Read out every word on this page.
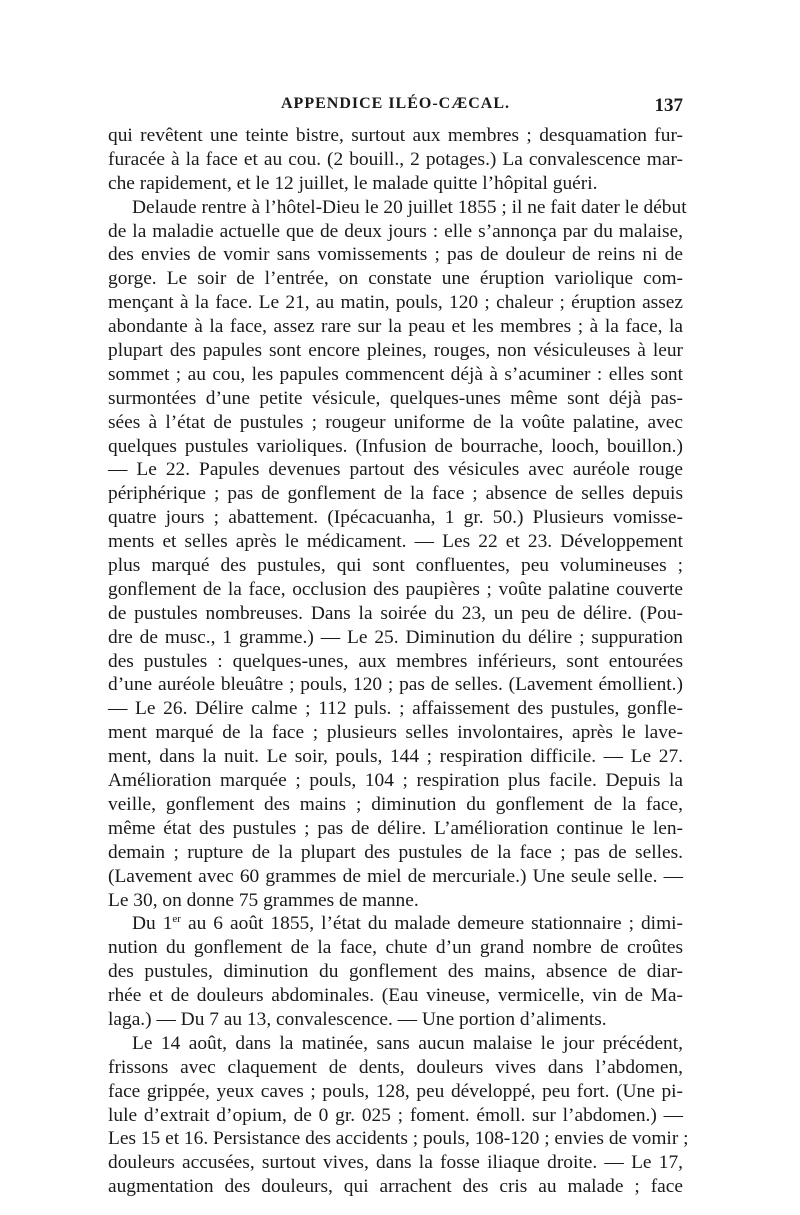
APPENDICE ILÉO-CÆCAL.	137
qui revêtent une teinte bistre, surtout aux membres ; desquamation fur-
furacée à la face et au cou. (2 bouill., 2 potages.) La convalescence mar-
che rapidement, et le 12 juillet, le malade quitte l’hôpital guéri.
Delaude rentre à l’hôtel-Dieu le 20 juillet 1855 ; il ne fait dater le début
de la maladie actuelle que de deux jours : elle s’annonça par du malaise,
des envies de vomir sans vomissements ; pas de douleur de reins ni de
gorge. Le soir de l’entrée, on constate une éruption variolique com-
mençant à la face. Le 21, au matin, pouls, 120 ; chaleur ; éruption assez
abondante à la face, assez rare sur la peau et les membres ; à la face, la
plupart des papules sont encore pleines, rouges, non vésiculeuses à leur
sommet ; au cou, les papules commencent déjà à s’acuminer : elles sont
surmontées d’une petite vésicule, quelques-unes même sont déjà pas-
sées à l’état de pustules ; rougeur uniforme de la voûte palatine, avec
quelques pustules varioliques. (Infusion de bourrache, looch, bouillon.)
— Le 22. Papules devenues partout des vésicules avec auréole rouge
périphérique ; pas de gonflement de la face ; absence de selles depuis
quatre jours ; abattement. (Ipécacuanha, 1 gr. 50.) Plusieurs vomisse-
ments et selles après le médicament. — Les 22 et 23. Développement
plus marqué des pustules, qui sont confluentes, peu volumineuses ;
gonflement de la face, occlusion des paupières ; voûte palatine couverte
de pustules nombreuses. Dans la soirée du 23, un peu de délire. (Pou-
dre de musc., 1 gramme.) — Le 25. Diminution du délire ; suppuration
des pustules : quelques-unes, aux membres inférieurs, sont entourées
d’une auréole bleuâtre ; pouls, 120 ; pas de selles. (Lavement émollient.)
— Le 26. Délire calme ; 112 puls. ; affaissement des pustules, gonfle-
ment marqué de la face ; plusieurs selles involontaires, après le lave-
ment, dans la nuit. Le soir, pouls, 144 ; respiration difficile. — Le 27.
Amélioration marquée ; pouls, 104 ; respiration plus facile. Depuis la
veille, gonflement des mains ; diminution du gonflement de la face,
même état des pustules ; pas de délire. L’amélioration continue le len-
demain ; rupture de la plupart des pustules de la face ; pas de selles.
(Lavement avec 60 grammes de miel de mercuriale.) Une seule selle. —
Le 30, on donne 75 grammes de manne.
Du 1er au 6 août 1855, l’état du malade demeure stationnaire ; dimi-
nution du gonflement de la face, chute d’un grand nombre de croûtes
des pustules, diminution du gonflement des mains, absence de diar-
rhée et de douleurs abdominales. (Eau vineuse, vermicelle, vin de Ma-
laga.) — Du 7 au 13, convalescence. — Une portion d’aliments.
Le 14 août, dans la matinée, sans aucun malaise le jour précédent,
frissons avec claquement de dents, douleurs vives dans l’abdomen,
face grippée, yeux caves ; pouls, 128, peu développé, peu fort. (Une pi-
lule d’extrait d’opium, de 0 gr. 025 ; foment. émoll. sur l’abdomen.) —
Les 15 et 16. Persistance des accidents ; pouls, 108-120 ; envies de vomir ;
douleurs accusées, surtout vives, dans la fosse iliaque droite. — Le 17,
augmentation des douleurs, qui arrachent des cris au malade ; face
